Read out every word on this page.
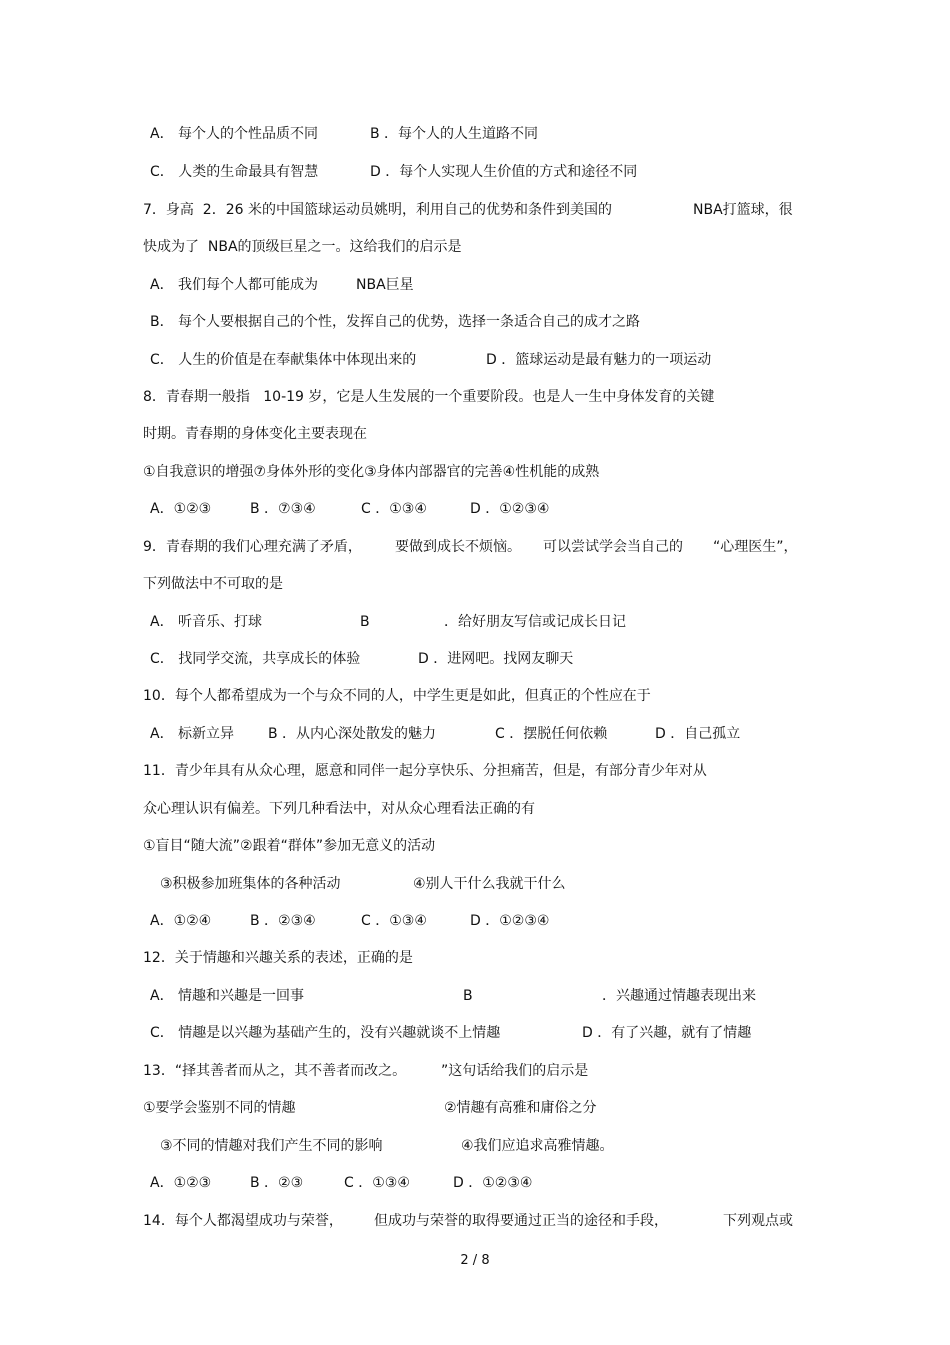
A． 每个人的个性品质不同

	B ．每个人的人生道路不同

C． 人类的生命最具有智慧

	D ．每个人实现人生价值的方式和途径不同

7．身高  2．26 米的中国篮球运动员姚明，利用自己的优势和条件到美国的

	NBA打篮球，很

快成为了  NBA的顶级巨星之一。这给我们的启示是

A． 我们每个人都可能成为

	NBA巨星

B． 每个人要根据自己的个性，发挥自己的优势，选择一条适合自己的成才之路

C． 人生的价值是在奉献集体中体现出来的

	D ．篮球运动是最有魅力的一项运动

8．青春期一般指   10-19 岁，它是人生发展的一个重要阶段。也是人一生中身体发育的关键

时期。青春期的身体变化主要表现在

①自我意识的增强⑦身体外形的变化③身体内部器官的完善④性机能的成熟

A．①②③

	B ．⑦③④

	C ．①③④

	D ．①②③④

9．青春期的我们心理充满了矛盾，

要做到成长不烦恼。

可以尝试学会当自己的

“心理医生”，

下列做法中不可取的是

A． 听音乐、打球

	B

	．给好朋友写信或记成长日记

C． 找同学交流，共享成长的体验

	D ．进网吧。找网友聊天

10．每个人都希望成为一个与众不同的人，中学生更是如此，但真正的个性应在于

A． 标新立异

B ．从内心深处散发的魅力

	C ．摆脱任何依赖

	D ．自己孤立

11．青少年具有从众心理，愿意和同伴一起分享快乐、分担痛苦，但是，有部分青少年对从

众心理认识有偏差。下列几种看法中，对从众心理看法正确的有

①盲目“随大流”②跟着“群体”参加无意义的活动

③积极参加班集体的各种活动

	④别人干什么我就干什么

A．①②④

	B ．②③④

	C ．①③④

	D ．①②③④

12．关于情趣和兴趣关系的表述，正确的是

A． 情趣和兴趣是一回事

	B

	．兴趣通过情趣表现出来

C． 情趣是以兴趣为基础产生的，没有兴趣就谈不上情趣

	D ．有了兴趣，就有了情趣

13．“择其善者而从之，其不善者而改之。

”这句话给我们的启示是

①要学会鉴别不同的情趣

	②情趣有高雅和庸俗之分

③不同的情趣对我们产生不同的影响

	④我们应追求高雅情趣。

A．①②③

	B ．②③

	C ．①③④

	D ．①②③④

14．每个人都渴望成功与荣誉，

但成功与荣誉的取得要通过正当的途径和手段，

	下列观点或

2 / 8
